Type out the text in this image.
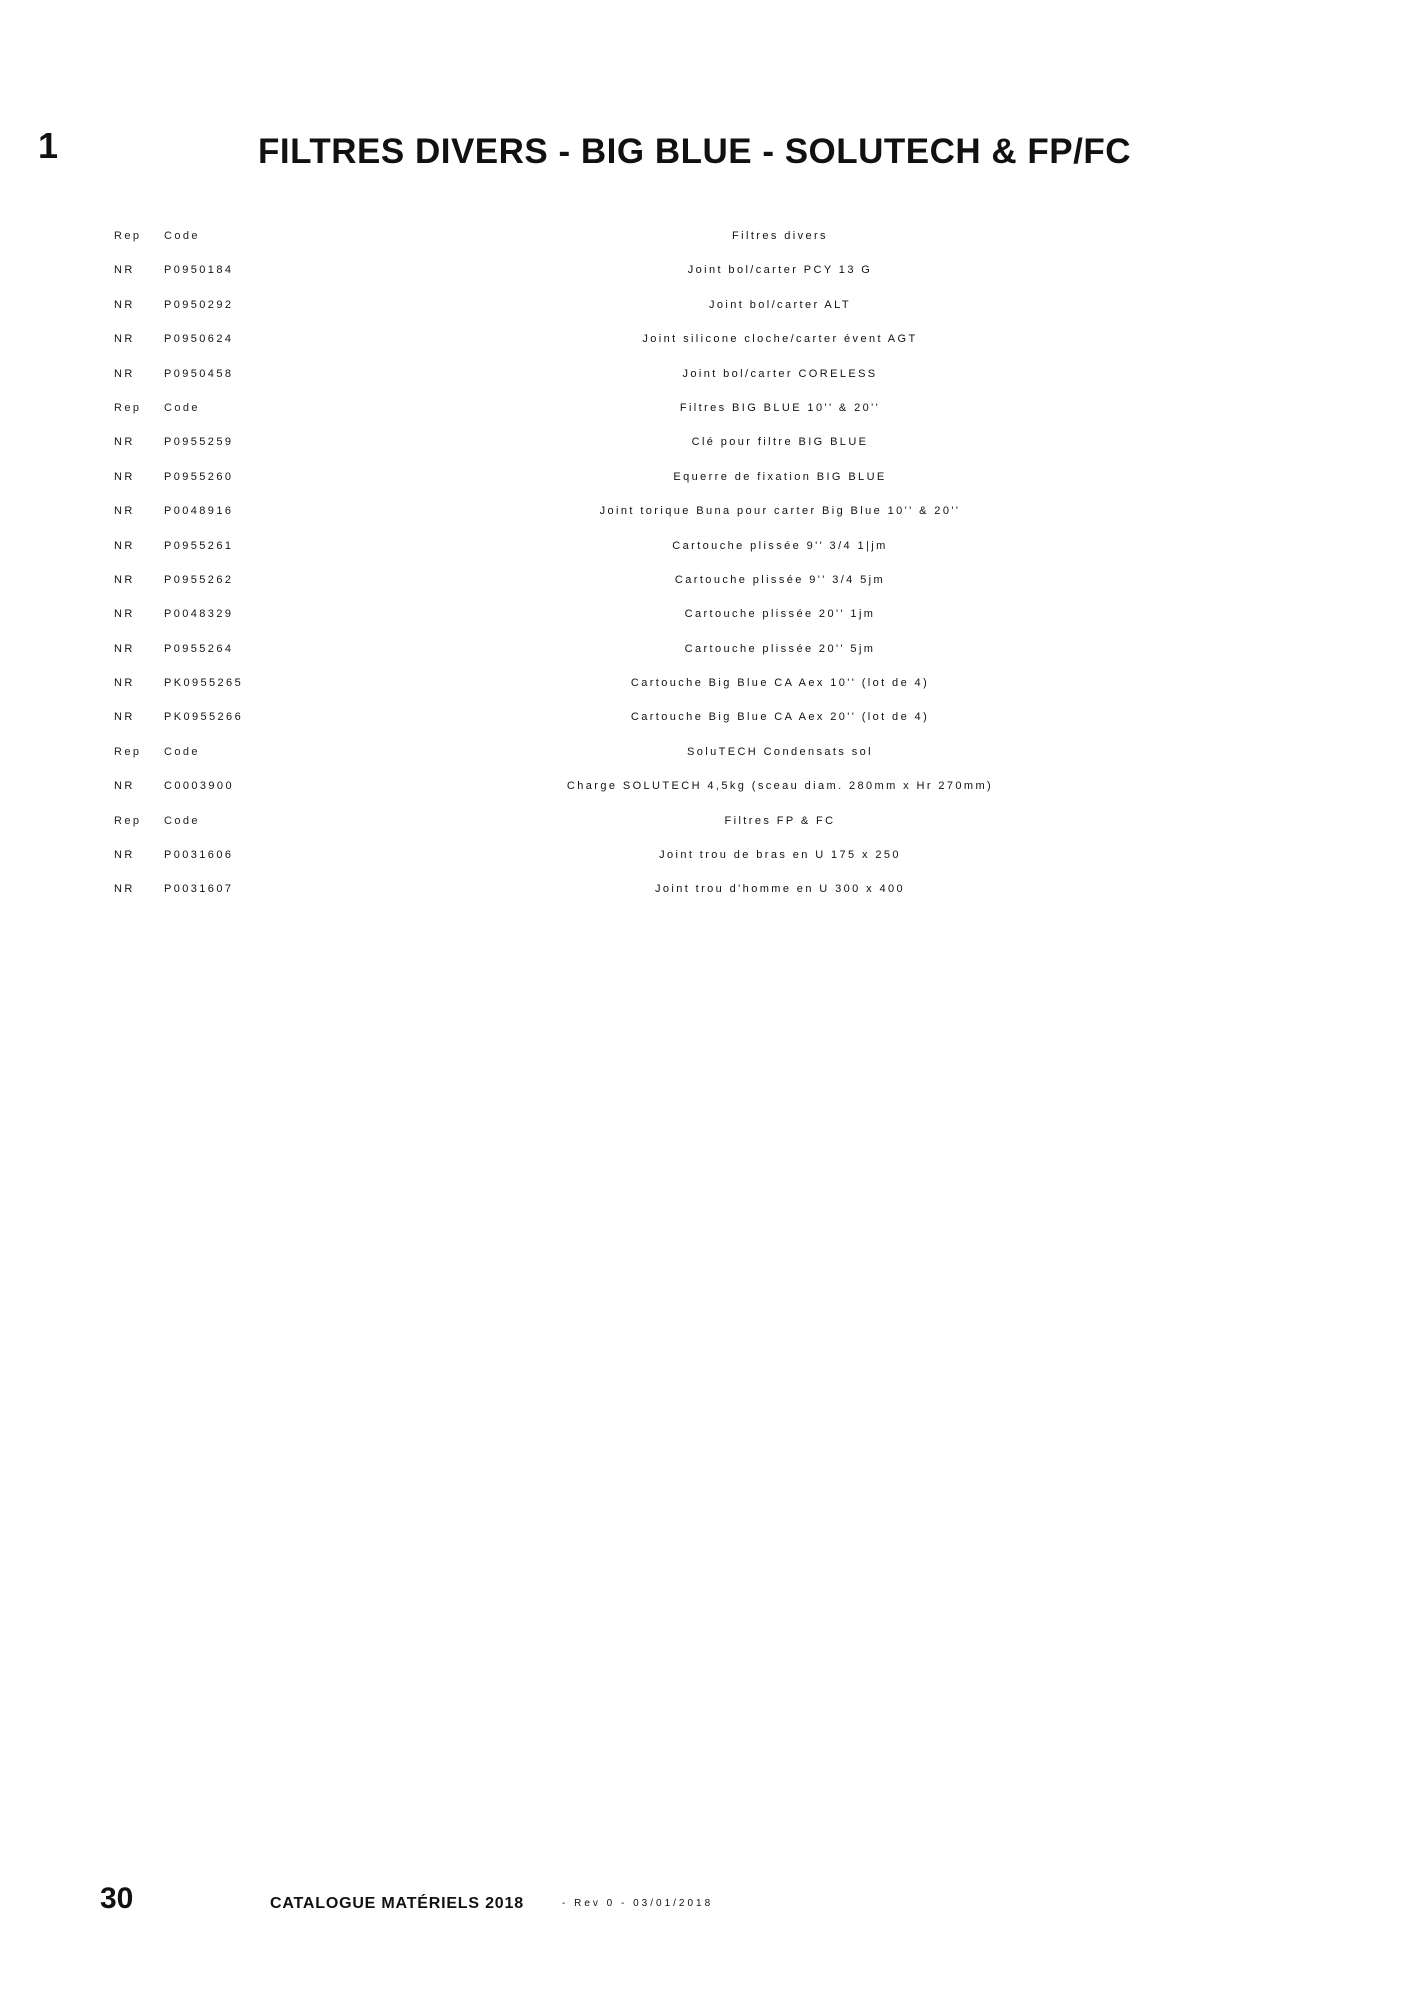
1	FILTRES DIVERS - BIG BLUE - SOLUTECH & FP/FC
Rep Code	Filtres divers
NR	P0950184	Joint bol/carter PCY 13 G
NR	P0950292	Joint bol/carter ALT
NR	P0950624	Joint silicone cloche/carter évent AGT
NR	P0950458	Joint bol/carter CORELESS
Rep Code	Filtres BIG BLUE 10'' & 20''
NR	P0955259	Clé pour filtre BIG BLUE
NR	P0955260	Equerre de fixation BIG BLUE
NR	P0048916	Joint torique Buna pour carter Big Blue 10'' & 20''
NR	P0955261	Cartouche plissée 9'' 3/4 1|jm
NR	P0955262	Cartouche plissée 9'' 3/4 5jm
NR	P0048329	Cartouche plissée 20'' 1jm
NR	P0955264	Cartouche plissée 20'' 5jm
NR	PK0955265	Cartouche Big Blue CA Aex 10'' (lot de 4)
NR	PK0955266	Cartouche Big Blue CA Aex 20'' (lot de 4)
Rep Code	SoluTECH Condensats sol
NR	C0003900	Charge SOLUTECH 4,5kg (sceau diam. 280mm x Hr 270mm)
Rep Code	Filtres FP & FC
NR	P0031606	Joint trou de bras en U 175 x 250
NR	P0031607	Joint trou d'homme en U 300 x 400
30	CATALOGUE MATÉRIELS 2018	- Rev 0 - 03/01/2018
